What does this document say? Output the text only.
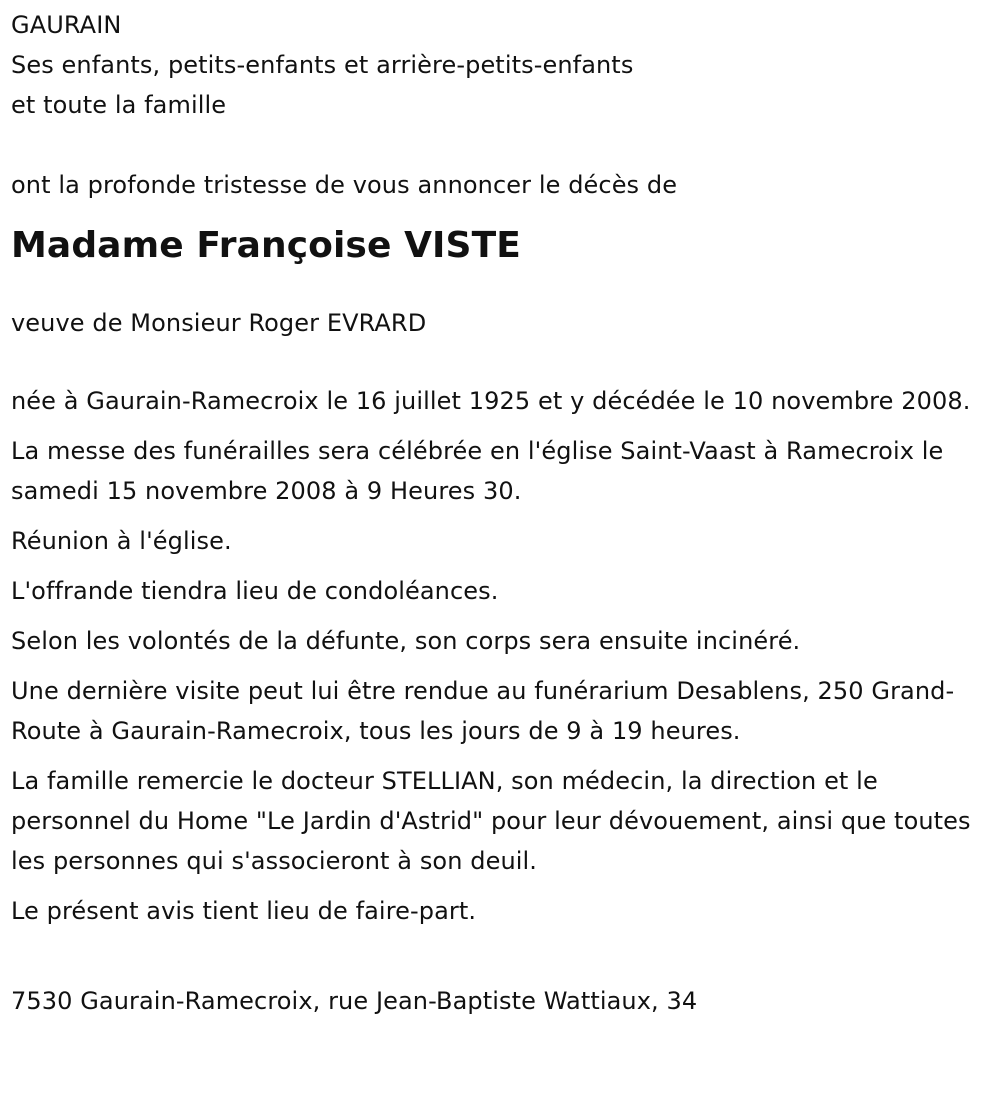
GAURAIN

Ses enfants, petits-enfants et arrière-petits-enfants

et toute la famille

ont la profonde tristesse de vous annoncer le décès de

Madame Françoise VISTE

veuve de Monsieur Roger EVRARD

née à Gaurain-Ramecroix le 16 juillet 1925 et y décédée le 10 novembre 2008.

La messe des funérailles sera célébrée en l'église Saint-Vaast à Ramecroix le samedi 15 novembre 2008 à 9 Heures 30.

Réunion à l'église.

L'offrande tiendra lieu de condoléances.

Selon les volontés de la défunte, son corps sera ensuite incinéré.

Une dernière visite peut lui être rendue au funérarium Desablens, 250 Grand-Route à Gaurain-Ramecroix, tous les jours de 9 à 19 heures.

La famille remercie le docteur STELLIAN, son médecin, la direction et le personnel du Home "Le Jardin d'Astrid" pour leur dévouement, ainsi que toutes les personnes qui s'associeront à son deuil.

Le présent avis tient lieu de faire-part.

7530 Gaurain-Ramecroix, rue Jean-Baptiste Wattiaux, 34
